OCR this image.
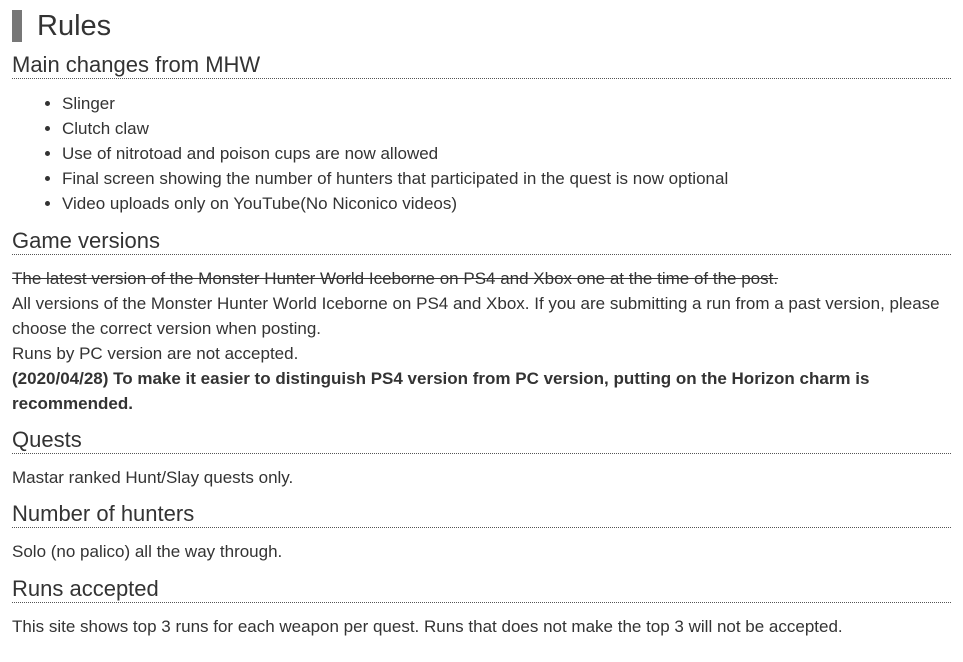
Rules
Main changes from MHW
• Slinger
• Clutch claw
• Use of nitrotoad and poison cups are now allowed
• Final screen showing the number of hunters that participated in the quest is now optional
• Video uploads only on YouTube(No Niconico videos)
Game versions

The latest version of the Monster Hunter World Iceborne on PS4 and Xbox one at the time of the post.

All versions of the Monster Hunter World Iceborne on PS4 and Xbox. If you are submitting a run from a past version, please choose the correct version when posting.

Runs by PC version are not accepted.

(2020/04/28) To make it easier to distinguish PS4 version from PC version, putting on the Horizon charm is recommended.

Quests

Mastar ranked Hunt/Slay quests only.

Number of hunters

Solo (no palico) all the way through.

Runs accepted

This site shows top 3 runs for each weapon per quest. Runs that does not make the top 3 will not be accepted.
